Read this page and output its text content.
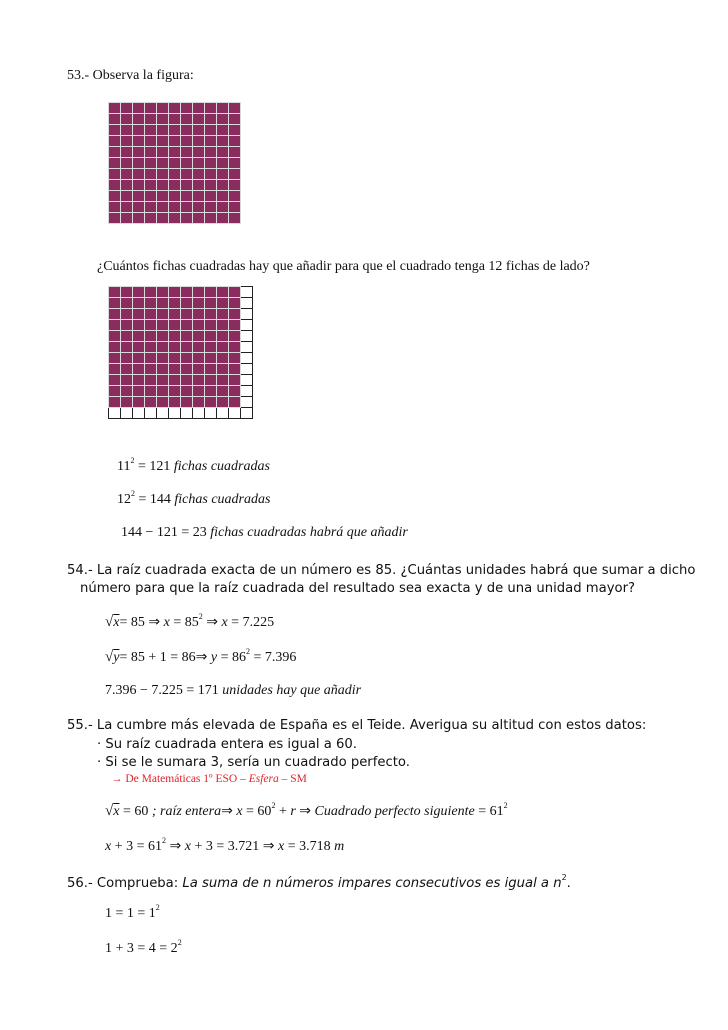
53.- Observa la figura:

¿Cuántos fichas cuadradas hay que añadir para que el cuadrado tenga 12 fichas de lado?

$11^2 = 121$ fichas cuadradas
$12^2 = 144$ fichas cuadradas
144 − 121 = 23 fichas cuadradas habrá que añadir
54.- La raíz cuadrada exacta de un número es 85. ¿Cuántas unidades habrá que sumar a dicho
número para que la raíz cuadrada del resultado sea exacta y de una unidad mayor?
√x= 85 ⇒ $x = 85^2$ ⇒ x = 7.225
√y= 85 + 1 = 86⇒ $y = 86^2 = 7.396$
7.396 − 7.225 = 171 unidades hay que añadir
55.- La cumbre más elevada de España es el Teide. Averigua su altitud con estos datos:
· Su raíz cuadrada entera es igual a 60.
· Si se le sumara 3, sería un cuadrado perfecto.
→ De Matemáticas 1º ESO – Esfera – SM
√x = 60 ; raíz entera⇒ $x = 60^2 + r$ ⇒ Cuadrado perfecto siguiente = $61^2$
$x + 3 = 61^2$ ⇒ x + 3 = 3.721 ⇒ x = 3.718 m
56.- Comprueba: La suma de n números impares consecutivos es igual a $n^2$.
$1 = 1 = 1^2$
$1 + 3 = 4 = 2^2$
